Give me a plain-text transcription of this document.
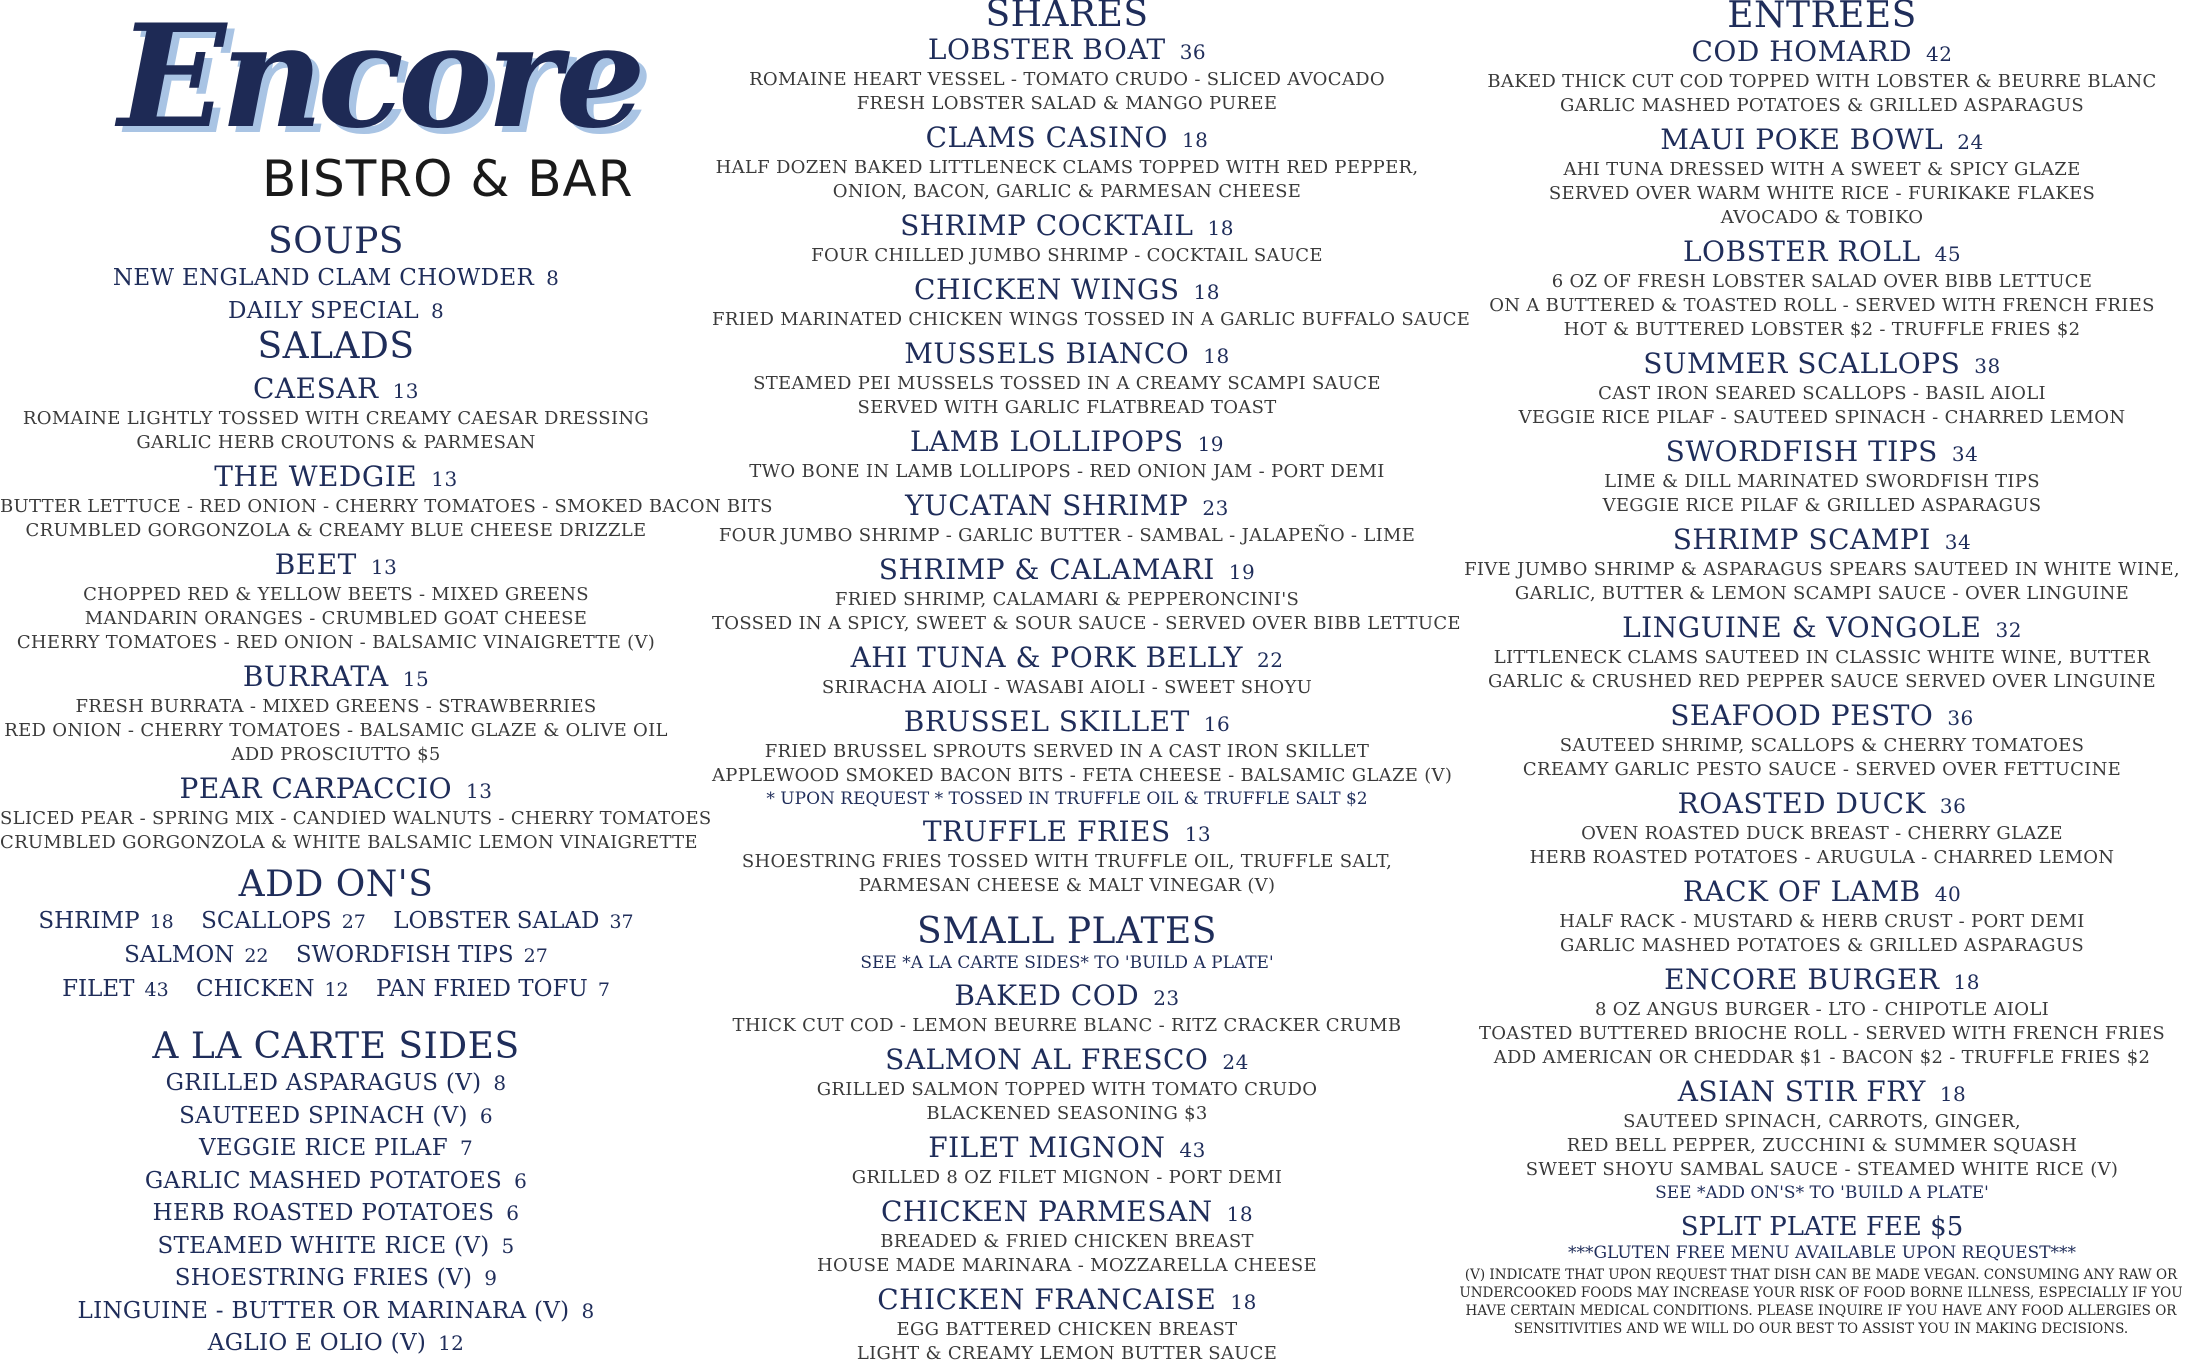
Encore
BISTRO & BAR
SOUPS
NEW ENGLAND CLAM CHOWDER 8
DAILY SPECIAL 8
SALADS
CAESAR 13
ROMAINE LIGHTLY TOSSED WITH CREAMY CAESAR DRESSING
GARLIC HERB CROUTONS & PARMESAN
THE WEDGIE 13
BUTTER LETTUCE - RED ONION - CHERRY TOMATOES - SMOKED BACON BITS
CRUMBLED GORGONZOLA & CREAMY BLUE CHEESE DRIZZLE
BEET 13
CHOPPED RED & YELLOW BEETS - MIXED GREENS
MANDARIN ORANGES - CRUMBLED GOAT CHEESE
CHERRY TOMATOES - RED ONION - BALSAMIC VINAIGRETTE (V)
BURRATA 15
FRESH BURRATA - MIXED GREENS - STRAWBERRIES
RED ONION - CHERRY TOMATOES - BALSAMIC GLAZE & OLIVE OIL
ADD PROSCIUTTO $5
PEAR CARPACCIO 13
SLICED PEAR - SPRING MIX - CANDIED WALNUTS - CHERRY TOMATOES
CRUMBLED GORGONZOLA & WHITE BALSAMIC LEMON VINAIGRETTE
ADD ON'S
SHRIMP 18 SCALLOPS 27 LOBSTER SALAD 37
SALMON 22 SWORDFISH TIPS 27
FILET 43 CHICKEN 12 PAN FRIED TOFU 7
A LA CARTE SIDES
GRILLED ASPARAGUS (V) 8
SAUTEED SPINACH (V) 6
VEGGIE RICE PILAF 7
GARLIC MASHED POTATOES 6
HERB ROASTED POTATOES 6
STEAMED WHITE RICE (V) 5
SHOESTRING FRIES (V) 9
LINGUINE - BUTTER OR MARINARA (V) 8
AGLIO E OLIO (V) 12
SHARES
LOBSTER BOAT 36
ROMAINE HEART VESSEL - TOMATO CRUDO - SLICED AVOCADO
FRESH LOBSTER SALAD & MANGO PUREE
CLAMS CASINO 18
HALF DOZEN BAKED LITTLENECK CLAMS TOPPED WITH RED PEPPER,
ONION, BACON, GARLIC & PARMESAN CHEESE
SHRIMP COCKTAIL 18
FOUR CHILLED JUMBO SHRIMP - COCKTAIL SAUCE
CHICKEN WINGS 18
FRIED MARINATED CHICKEN WINGS TOSSED IN A GARLIC BUFFALO SAUCE
MUSSELS BIANCO 18
STEAMED PEI MUSSELS TOSSED IN A CREAMY SCAMPI SAUCE
SERVED WITH GARLIC FLATBREAD TOAST
LAMB LOLLIPOPS 19
TWO BONE IN LAMB LOLLIPOPS - RED ONION JAM - PORT DEMI
YUCATAN SHRIMP 23
FOUR JUMBO SHRIMP - GARLIC BUTTER - SAMBAL - JALAPEÑO - LIME
SHRIMP & CALAMARI 19
FRIED SHRIMP, CALAMARI & PEPPERONCINI'S
TOSSED IN A SPICY, SWEET & SOUR SAUCE - SERVED OVER BIBB LETTUCE
AHI TUNA & PORK BELLY 22
SRIRACHA AIOLI - WASABI AIOLI - SWEET SHOYU
BRUSSEL SKILLET 16
FRIED BRUSSEL SPROUTS SERVED IN A CAST IRON SKILLET
APPLEWOOD SMOKED BACON BITS - FETA CHEESE - BALSAMIC GLAZE (V)
* UPON REQUEST * TOSSED IN TRUFFLE OIL & TRUFFLE SALT $2
TRUFFLE FRIES 13
SHOESTRING FRIES TOSSED WITH TRUFFLE OIL, TRUFFLE SALT,
PARMESAN CHEESE & MALT VINEGAR (V)
SMALL PLATES
SEE *A LA CARTE SIDES* TO 'BUILD A PLATE'
BAKED COD 23
THICK CUT COD - LEMON BEURRE BLANC - RITZ CRACKER CRUMB
SALMON AL FRESCO 24
GRILLED SALMON TOPPED WITH TOMATO CRUDO
BLACKENED SEASONING $3
FILET MIGNON 43
GRILLED 8 OZ FILET MIGNON - PORT DEMI
CHICKEN PARMESAN 18
BREADED & FRIED CHICKEN BREAST
HOUSE MADE MARINARA - MOZZARELLA CHEESE
CHICKEN FRANCAISE 18
EGG BATTERED CHICKEN BREAST
LIGHT & CREAMY LEMON BUTTER SAUCE
ENTREES
COD HOMARD 42
BAKED THICK CUT COD TOPPED WITH LOBSTER & BEURRE BLANC
GARLIC MASHED POTATOES & GRILLED ASPARAGUS
MAUI POKE BOWL 24
AHI TUNA DRESSED WITH A SWEET & SPICY GLAZE
SERVED OVER WARM WHITE RICE - FURIKAKE FLAKES
AVOCADO & TOBIKO
LOBSTER ROLL 45
6 OZ OF FRESH LOBSTER SALAD OVER BIBB LETTUCE
ON A BUTTERED & TOASTED ROLL - SERVED WITH FRENCH FRIES
HOT & BUTTERED LOBSTER $2 - TRUFFLE FRIES $2
SUMMER SCALLOPS 38
CAST IRON SEARED SCALLOPS - BASIL AIOLI
VEGGIE RICE PILAF - SAUTEED SPINACH - CHARRED LEMON
SWORDFISH TIPS 34
LIME & DILL MARINATED SWORDFISH TIPS
VEGGIE RICE PILAF & GRILLED ASPARAGUS
SHRIMP SCAMPI 34
FIVE JUMBO SHRIMP & ASPARAGUS SPEARS SAUTEED IN WHITE WINE,
GARLIC, BUTTER & LEMON SCAMPI SAUCE - OVER LINGUINE
LINGUINE & VONGOLE 32
LITTLENECK CLAMS SAUTEED IN CLASSIC WHITE WINE, BUTTER
GARLIC & CRUSHED RED PEPPER SAUCE SERVED OVER LINGUINE
SEAFOOD PESTO 36
SAUTEED SHRIMP, SCALLOPS & CHERRY TOMATOES
CREAMY GARLIC PESTO SAUCE - SERVED OVER FETTUCINE
ROASTED DUCK 36
OVEN ROASTED DUCK BREAST - CHERRY GLAZE
HERB ROASTED POTATOES - ARUGULA - CHARRED LEMON
RACK OF LAMB 40
HALF RACK - MUSTARD & HERB CRUST - PORT DEMI
GARLIC MASHED POTATOES & GRILLED ASPARAGUS
ENCORE BURGER 18
8 OZ ANGUS BURGER - LTO - CHIPOTLE AIOLI
TOASTED BUTTERED BRIOCHE ROLL - SERVED WITH FRENCH FRIES
ADD AMERICAN OR CHEDDAR $1 - BACON $2 - TRUFFLE FRIES $2
ASIAN STIR FRY 18
SAUTEED SPINACH, CARROTS, GINGER,
RED BELL PEPPER, ZUCCHINI & SUMMER SQUASH
SWEET SHOYU SAMBAL SAUCE - STEAMED WHITE RICE (V)
SEE *ADD ON'S* TO 'BUILD A PLATE'
SPLIT PLATE FEE $5
***GLUTEN FREE MENU AVAILABLE UPON REQUEST***
(V) INDICATE THAT UPON REQUEST THAT DISH CAN BE MADE VEGAN. CONSUMING ANY RAW OR UNDERCOOKED FOODS MAY INCREASE YOUR RISK OF FOOD BORNE ILLNESS, ESPECIALLY IF YOU HAVE CERTAIN MEDICAL CONDITIONS. PLEASE INQUIRE IF YOU HAVE ANY FOOD ALLERGIES OR SENSITIVITIES AND WE WILL DO OUR BEST TO ASSIST YOU IN MAKING DECISIONS.
